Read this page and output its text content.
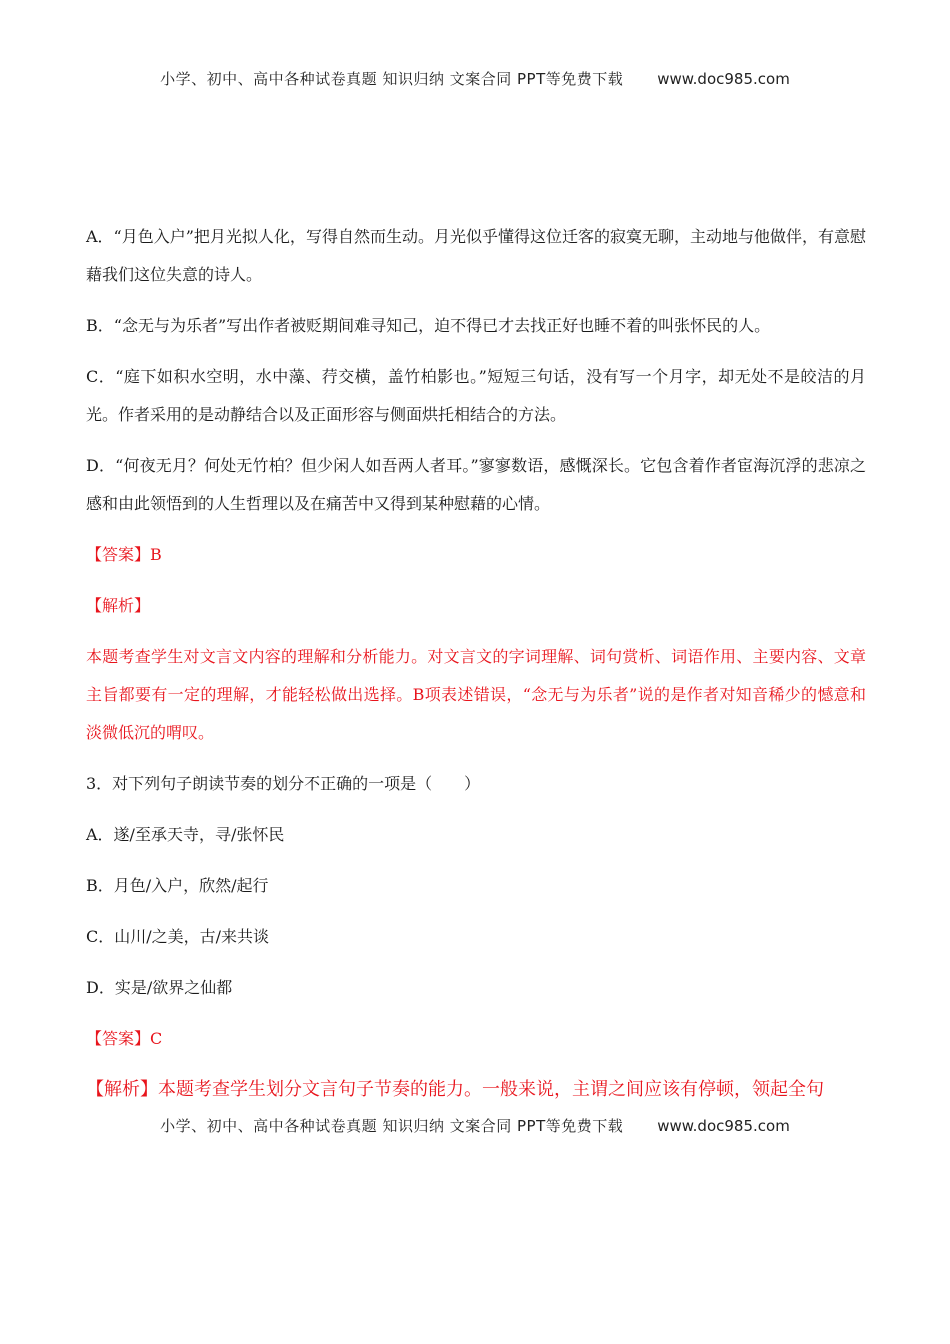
小学、初中、高中各种试卷真题 知识归纳 文案合同 PPT等免费下载 www.doc985.com

A．“月色入户”把月光拟人化，写得自然而生动。月光似乎懂得这位迁客的寂寞无聊，主动地与他做伴，有意慰藉我们这位失意的诗人。

B．“念无与为乐者”写出作者被贬期间难寻知己，迫不得已才去找正好也睡不着的叫张怀民的人。

C．“庭下如积水空明，水中藻、荇交横，盖竹柏影也。”短短三句话，没有写一个月字，却无处不是皎洁的月光。作者采用的是动静结合以及正面形容与侧面烘托相结合的方法。

D．“何夜无月？何处无竹柏？但少闲人如吾两人者耳。”寥寥数语，感慨深长。它包含着作者宦海沉浮的悲凉之感和由此领悟到的人生哲理以及在痛苦中又得到某种慰藉的心情。

【答案】B

【解析】

本题考查学生对文言文内容的理解和分析能力。对文言文的字词理解、词句赏析、词语作用、主要内容、文章主旨都要有一定的理解，才能轻松做出选择。B项表述错误，“念无与为乐者”说的是作者对知音稀少的憾意和淡微低沉的喟叹。

3．对下列句子朗读节奏的划分不正确的一项是（　　）

A．遂/至承天寺，寻/张怀民

B．月色/入户，欣然/起行

C．山川/之美，古/来共谈

D．实是/欲界之仙都

【答案】C

【解析】本题考查学生划分文言句子节奏的能力。一般来说，主谓之间应该有停顿，领起全句

小学、初中、高中各种试卷真题 知识归纳 文案合同 PPT等免费下载 www.doc985.com
